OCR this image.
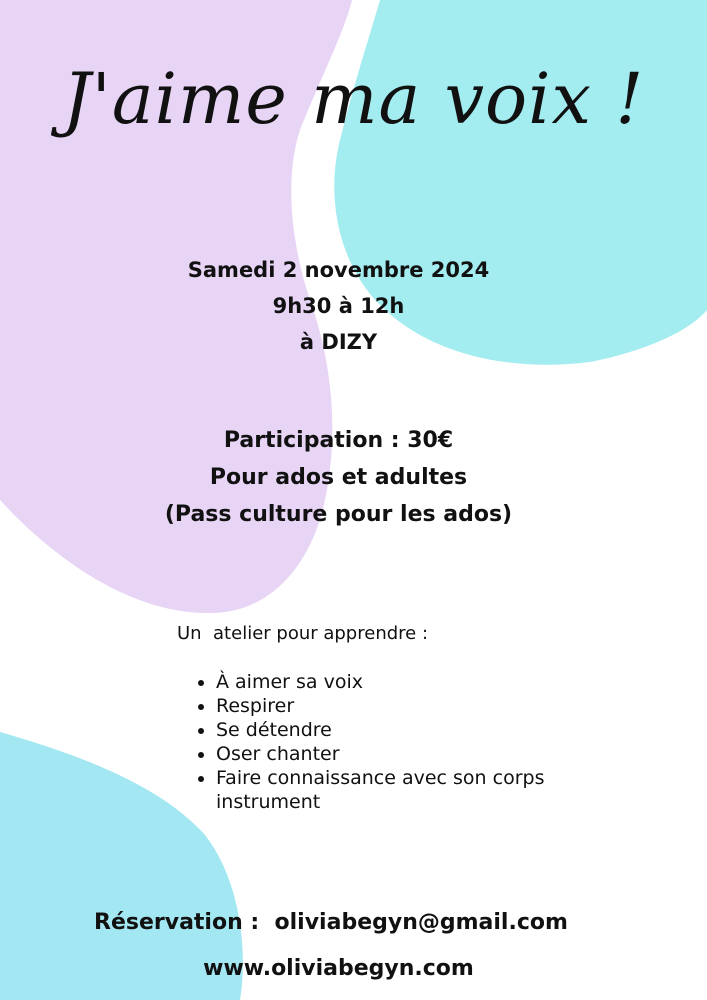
J'aime ma voix !
Samedi 2 novembre 2024
9h30 à 12h
à DIZY
Participation : 30€
Pour ados et adultes
(Pass culture pour les ados)
Un  atelier pour apprendre :
• À aimer sa voix
• Respirer
• Se détendre
• Oser chanter
• Faire connaissance avec son corps instrument
Réservation :  oliviabegyn@gmail.com
www.oliviabegyn.com
